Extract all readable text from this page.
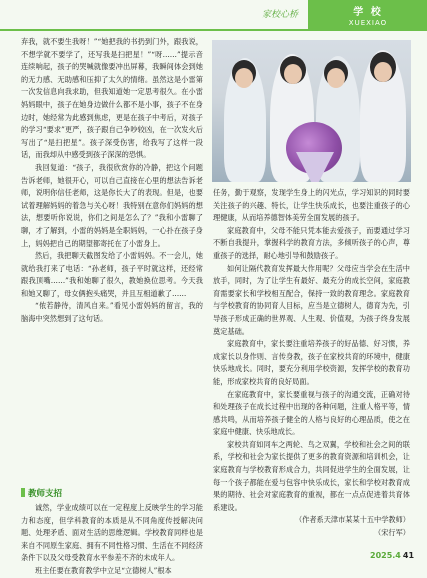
家校心桥	学 校
XUEXIAO

弃我，就不要生我呀！”“她把我的书扔到门外，跟我说，不想学就不要学了，还写我是扫把星！”“呀……”提示音连续响起，孩子的哭喊就像要冲出屏幕，我瞬间体会到她的无力感、无助感和压抑了太久的情绪。虽然这是小雷第一次发信息向我求助，但我知道她一定思考很久。在小雷妈妈眼中，孩子在她身边做什么都不是小事，孩子不在身边时，她经常为此感到焦虑，更是在孩子中考后，对孩子的学习“要求”更严，孩子跟自己争吵较凶，在一次发火后写出了“是扫把星”。孩子深受伤害，给我写了这样一段话，而我却从中感受到孩子深深的恐惧。

我回复道：“孩子，我很欣赏你的冷静，把这个问题告诉老师，她很开心，可以自己直接在心里的想法告诉老师，说明你信任老师，这是你长大了的表现。但是，也要试着理解妈妈的着急与关心呀！我特别在意你们妈妈的想法，想要听你说说，你们之间是怎么了？”我和小雷聊了聊，才了解到，小雷的妈妈是全职妈妈，一心扑在孩子身上，妈妈把自己的期望都寄托在了小雷身上。

然后，我把聊天截图发给了小雷妈妈。不一会儿，她就给我打来了电话：“孙老师，孩子平时就这样，还经常跟我顶嘴……”我和她聊了很久，教她换位思考。今天我和她又聊了，母女俩抱头痛哭，并且互相道歉了……

“侬若静待，清风自来。”看见小雷妈妈的留言，我的脑海中突然想到了这句话。

教师支招

诚然，学业成绩可以在一定程度上反映学生的学习能力和态度，但学科教育的本质是从不同角度传授解决问题、处理矛盾、面对生活的思维逻辑。学校教育同样也是来自不同原生家庭、拥有不同性格习惯、生活在不同经济条件下以及父母受教育水平参差不齐的未成年人。

班主任要在教育教学中立足“立德树人”根本

任务，勤于观察，发现学生身上的闪光点，学习知识的同时要关注孩子的兴趣、特长，让学生快乐成长，也要注重孩子的心理健康，从而培养德智体美劳全面发展的孩子。

家庭教育中，父母不能只凭本能去爱孩子，而要通过学习不断自我提升，掌握科学的教育方法，多倾听孩子的心声，尊重孩子的选择，耐心地引导和鼓励孩子。

如何让隔代教育发挥最大作用呢？父母应当学会在生活中放手，同时，为了让学生有最好、最充分的成长空间，家庭教育需要家长和学校相互配合，保持一致的教育理念。家庭教育与学校教育的协同育人目标，应当是立德树人，德育为先，引导孩子形成正确的世界观、人生观、价值观，为孩子终身发展奠定基础。

家庭教育中，家长要注重培养孩子的好品德、好习惯，养成家长以身作则、言传身教，孩子在家校共育的环境中，健康快乐地成长。同时，要充分利用学校资源，发挥学校的教育功能，形成家校共育的良好局面。

在家庭教育中，家长要重视与孩子的沟通交流，正确对待和处理孩子在成长过程中出现的各种问题，注重人格平等，情感共鸣，从而培养孩子健全的人格与良好的心理品质，使之在家庭中健康、快乐地成长。

家校共育如同车之两轮、鸟之双翼，学校和社会之间的联系，学校和社会为家长提供了更多的教育资源和培训机会，让家庭教育与学校教育形成合力，共同促进学生的全面发展，让每一个孩子都能在爱与包容中快乐成长，家长和学校对教育成果的期待、社会对家庭教育的重视，都在一点点促进着共育体系建设。

（作者系天津市某某十五中学教师）

（宋行军）

2025.4 41
